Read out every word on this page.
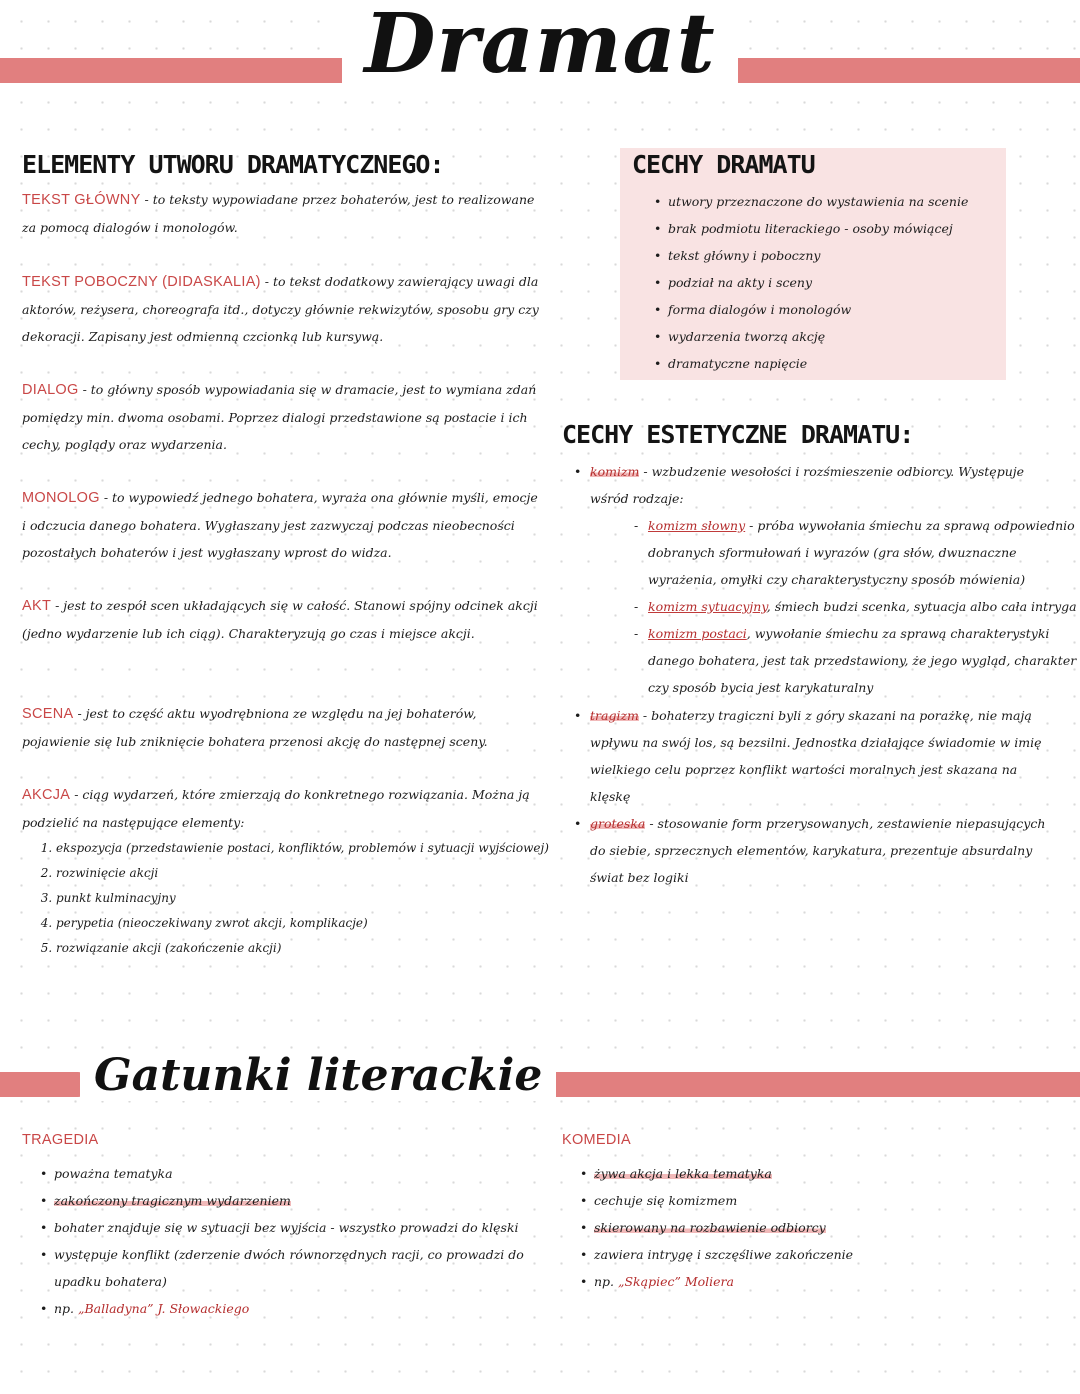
Dramat
ELEMENTY UTWORU DRAMATYCZNEGO:
TEKST GŁÓWNY - to teksty wypowiadane przez bohaterów, jest to realizowane za pomocą dialogów i monologów.
TEKST POBOCZNY (DIDASKALIA) - to tekst dodatkowy zawierający uwagi dla aktorów, reżysera, choreografa itd., dotyczy głównie rekwizytów, sposobu gry czy dekoracji. Zapisany jest odmienną czcionką lub kursywą.
DIALOG - to główny sposób wypowiadania się w dramacie, jest to wymiana zdań pomiędzy min. dwoma osobami. Poprzez dialogi przedstawione są postacie i ich cechy, poglądy oraz wydarzenia.
MONOLOG - to wypowiedź jednego bohatera, wyraża ona głównie myśli, emocje i odczucia danego bohatera. Wygłaszany jest zazwyczaj podczas nieobecności pozostałych bohaterów i jest wygłaszany wprost do widza.
AKT - jest to zespół scen układających się w całość. Stanowi spójny odcinek akcji (jedno wydarzenie lub ich ciąg). Charakteryzują go czas i miejsce akcji.
SCENA - jest to część aktu wyodrębniona ze względu na jej bohaterów, pojawienie się lub zniknięcie bohatera przenosi akcję do następnej sceny.
AKCJA - ciąg wydarzeń, które zmierzają do konkretnego rozwiązania. Można ją podzielić na następujące elementy:
1. ekspozycja (przedstawienie postaci, konfliktów, problemów i sytuacji wyjściowej)
2. rozwinięcie akcji
3. punkt kulminacyjny
4. perypetia (nieoczekiwany zwrot akcji, komplikacje)
5. rozwiązanie akcji (zakończenie akcji)
CECHY DRAMATU
• utwory przeznaczone do wystawienia na scenie
• brak podmiotu literackiego - osoby mówiącej
• tekst główny i poboczny
• podział na akty i sceny
• forma dialogów i monologów
• wydarzenia tworzą akcję
• dramatyczne napięcie
CECHY ESTETYCZNE DRAMATU:
• komizm - wzbudzenie wesołości i rozśmieszenie odbiorcy. Występuje wśród rodzaje:
- komizm słowny - próba wywołania śmiechu za sprawą odpowiednio dobranych sformułowań i wyrazów (gra słów, dwuznaczne wyrażenia, omyłki czy charakterystyczny sposób mówienia)
- komizm sytuacyjny, śmiech budzi scenka, sytuacja albo cała intryga
- komizm postaci, wywołanie śmiechu za sprawą charakterystyki danego bohatera, jest tak przedstawiony, że jego wygląd, charakter czy sposób bycia jest karykaturalny
• tragizm - bohaterzy tragiczni byli z góry skazani na porażkę, nie mają wpływu na swój los, są bezsilni. Jednostka działające świadomie w imię wielkiego celu poprzez konflikt wartości moralnych jest skazana na klęskę
• groteska - stosowanie form przerysowanych, zestawienie niepasujących do siebie, sprzecznych elementów, karykatura, prezentuje absurdalny świat bez logiki
Gatunki literackie
TRAGEDIA
• poważna tematyka
• zakończony tragicznym wydarzeniem
• bohater znajduje się w sytuacji bez wyjścia - wszystko prowadzi do klęski
• występuje konflikt (zderzenie dwóch równorzędnych racji, co prowadzi do upadku bohatera)
• np. „Balladyna” J. Słowackiego
KOMEDIA
• żywa akcja i lekka tematyka
• cechuje się komizmem
• skierowany na rozbawienie odbiorcy
• zawiera intrygę i szczęśliwe zakończenie
• np. „Skąpiec” Moliera
